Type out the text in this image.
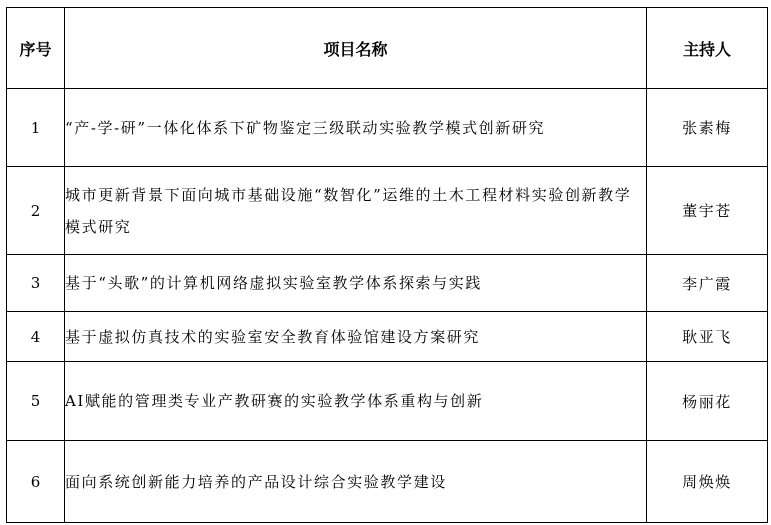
序号	项目名称	主持人
1	“产-学-研”一体化体系下矿物鉴定三级联动实验教学模式创新研究	张素梅
2	城市更新背景下面向城市基础设施“数智化”运维的土木工程材料实验创新教学模式研究	董宇苍
3	基于“头歌”的计算机网络虚拟实验室教学体系探索与实践	李广霞
4	基于虚拟仿真技术的实验室安全教育体验馆建设方案研究	耿亚飞
5	AI赋能的管理类专业产教研赛的实验教学体系重构与创新	杨丽花
6	面向系统创新能力培养的产品设计综合实验教学建设	周焕焕
